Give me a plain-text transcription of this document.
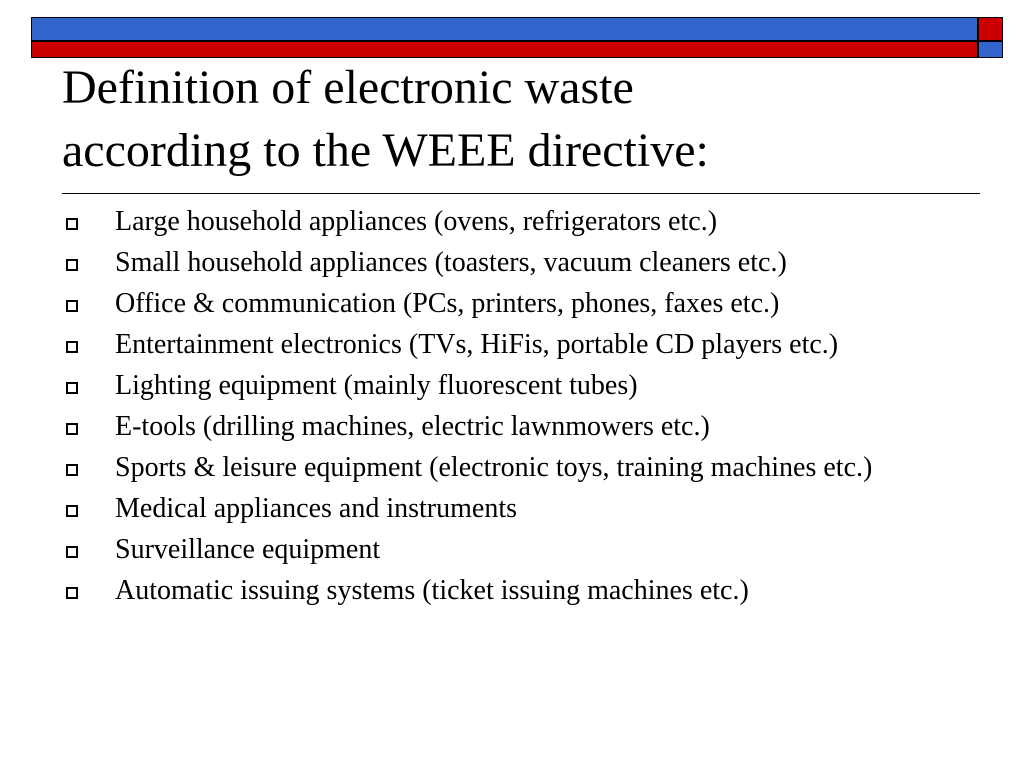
Definition of electronic waste
according to the WEEE directive:
Large household appliances (ovens, refrigerators etc.)
Small household appliances (toasters, vacuum cleaners etc.)
Office & communication (PCs, printers, phones, faxes etc.)
Entertainment electronics (TVs, HiFis, portable CD players etc.)
Lighting equipment (mainly fluorescent tubes)
E-tools (drilling machines, electric lawnmowers etc.)
Sports & leisure equipment (electronic toys, training machines etc.)
Medical appliances and instruments
Surveillance equipment
Automatic issuing systems (ticket issuing machines etc.)
